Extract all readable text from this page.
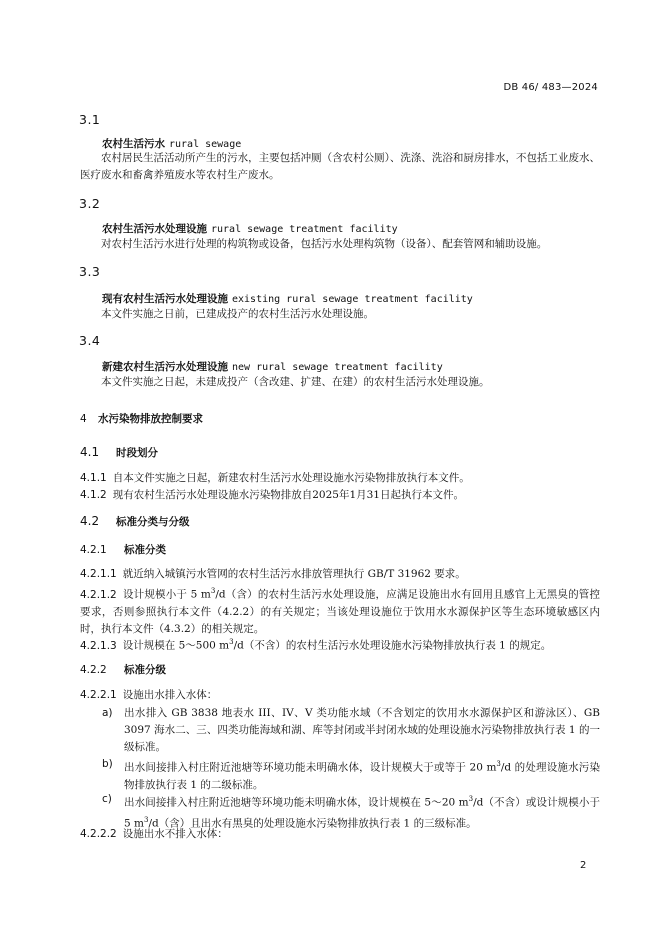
DB 46/ 483—2024
3.1
农村生活污水 rural sewage

农村居民生活活动所产生的污水，主要包括冲厕（含农村公厕）、洗涤、洗浴和厨房排水，不包括工业废水、医疗废水和畜禽养殖废水等农村生产废水。

3.2
农村生活污水处理设施 rural sewage treatment facility

对农村生活污水进行处理的构筑物或设备，包括污水处理构筑物（设备）、配套管网和辅助设施。

3.3
现有农村生活污水处理设施 existing rural sewage treatment facility

本文件实施之日前，已建成投产的农村生活污水处理设施。

3.4
新建农村生活污水处理设施 new rural sewage treatment facility

本文件实施之日起，未建成投产（含改建、扩建、在建）的农村生活污水处理设施。

4 水污染物排放控制要求
4.1 时段划分

4.1.1 自本文件实施之日起，新建农村生活污水处理设施水污染物排放执行本文件。

4.1.2 现有农村生活污水处理设施水污染物排放自2025年1月31日起执行本文件。

4.2 标准分类与分级
4.2.1 标准分类

4.2.1.1 就近纳入城镇污水管网的农村生活污水排放管理执行 GB/T 31962 要求。

4.2.1.2 设计规模小于 5 $m^3/d$（含）的农村生活污水处理设施，应满足设施出水有回用且感官上无黑臭的管控要求，否则参照执行本文件（4.2.2）的有关规定；当该处理设施位于饮用水水源保护区等生态环境敏感区内时，执行本文件（4.3.2）的相关规定。

4.2.1.3 设计规模在 5～500 $m^3/d$（不含）的农村生活污水处理设施水污染物排放执行表 1 的规定。

4.2.2 标准分级

4.2.2.1 设施出水排入水体：

a)	出水排入 GB 3838 地表水 III、IV、V 类功能水域（不含划定的饮用水水源保护区和游泳区）、GB 3097 海水二、三、四类功能海域和湖、库等封闭或半封闭水域的处理设施水污染物排放执行表 1 的一级标准。

b)	出水间接排入村庄附近池塘等环境功能未明确水体，设计规模大于或等于 20 $m^3/d$ 的处理设施水污染物排放执行表 1 的二级标准。

c)	出水间接排入村庄附近池塘等环境功能未明确水体，设计规模在 5～20 $m^3/d$（不含）或设计规模小于 5 $m^3/d$（含）且出水有黑臭的处理设施水污染物排放执行表 1 的三级标准。

4.2.2.2 设施出水不排入水体：

2
